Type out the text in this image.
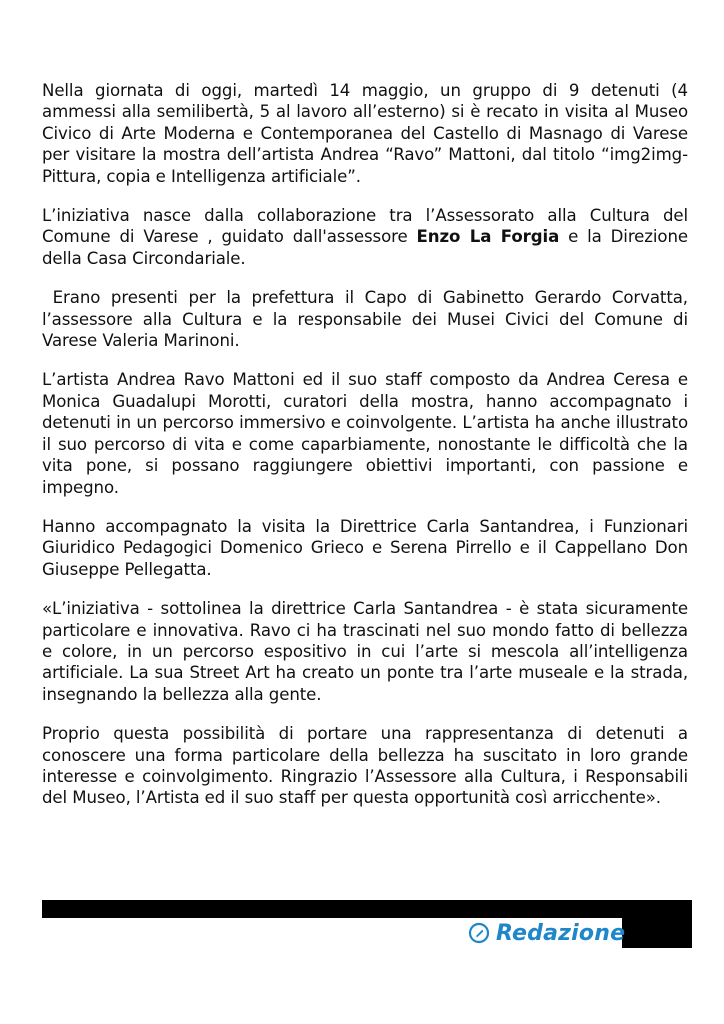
Nella giornata di oggi, martedì 14 maggio, un gruppo di 9 detenuti (4 ammessi alla semilibertà, 5 al lavoro all’esterno) si è recato in visita al Museo Civico di Arte Moderna e Contemporanea del Castello di Masnago di Varese per visitare la mostra dell’artista Andrea “Ravo” Mattoni, dal titolo “img2img- Pittura, copia e Intelligenza artificiale”.

L’iniziativa nasce dalla collaborazione tra l’Assessorato alla Cultura del Comune di Varese , guidato dall'assessore Enzo La Forgia e la Direzione della Casa Circondariale.

Erano presenti per la prefettura il Capo di Gabinetto Gerardo Corvatta, l’assessore alla Cultura e la responsabile dei Musei Civici del Comune di Varese Valeria Marinoni.

L’artista Andrea Ravo Mattoni ed il suo staff composto da Andrea Ceresa e Monica Guadalupi Morotti, curatori della mostra, hanno accompagnato i detenuti in un percorso immersivo e coinvolgente. L’artista ha anche illustrato il suo percorso di vita e come caparbiamente, nonostante le difficoltà che la vita pone, si possano raggiungere obiettivi importanti, con passione e impegno.

Hanno accompagnato la visita la Direttrice Carla Santandrea, i Funzionari Giuridico Pedagogici Domenico Grieco e Serena Pirrello e il Cappellano Don Giuseppe Pellegatta.

«L’iniziativa - sottolinea la direttrice Carla Santandrea - è stata sicuramente particolare e innovativa. Ravo ci ha trascinati nel suo mondo fatto di bellezza e colore, in un percorso espositivo in cui l’arte si mescola all’intelligenza artificiale. La sua Street Art ha creato un ponte tra l’arte museale e la strada, insegnando la bellezza alla gente.

Proprio questa possibilità di portare una rappresentanza di detenuti a conoscere una forma particolare della bellezza ha suscitato in loro grande interesse e coinvolgimento. Ringrazio l’Assessore alla Cultura, i Responsabili del Museo, l’Artista ed il suo staff per questa opportunità così arricchente».

Redazione
